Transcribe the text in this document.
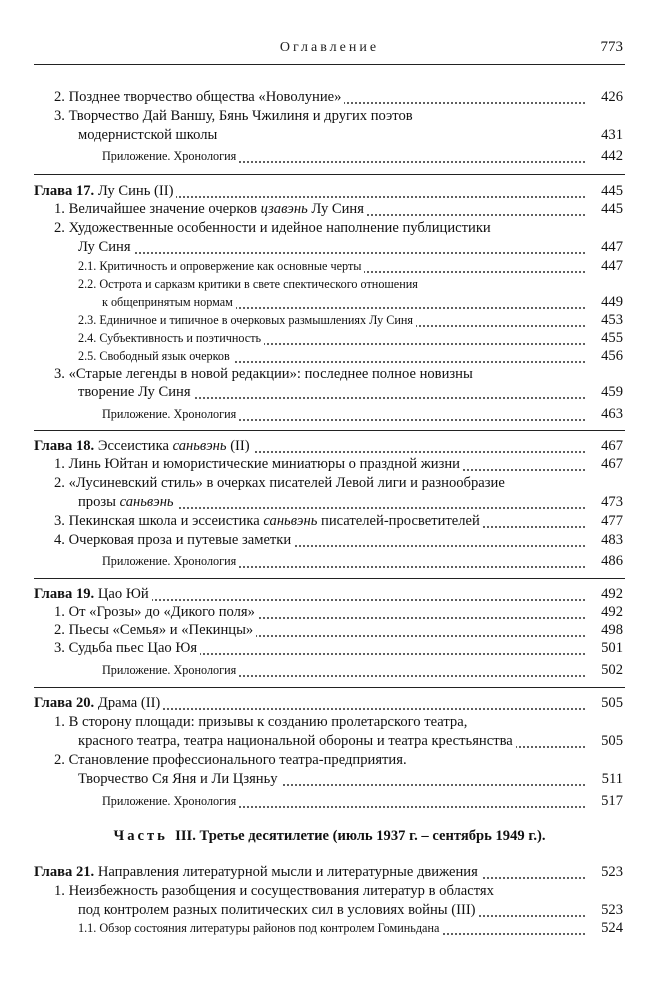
Оглавление	773
2. Позднее творчество общества «Новолуние»	426
3. Творчество Дай Ваншу, Бянь Чжилиня и других поэтов
модернистской школы	431
Приложение. Хронология	442
Глава 17. Лу Синь (II)	445
1. Величайшее значение очерков цзавэнь Лу Синя	445
2. Художественные особенности и идейное наполнение публицистики
Лу Синя	447
2.1. Критичность и опровержение как основные черты	447
2.2. Острота и сарказм критики в свете спектического отношения
к общепринятым нормам	449
2.3. Единичное и типичное в очерковых размышлениях Лу Синя	453
2.4. Субъективность и поэтичность	455
2.5. Свободный язык очерков	456
3. «Старые легенды в новой редакции»: последнее полное новизны
творение Лу Синя	459
Приложение. Хронология	463
Глава 18. Эссеистика саньвэнь (II)	467
1. Линь Юйтан и юмористические миниатюры о праздной жизни	467
2. «Лусиневский стиль» в очерках писателей Левой лиги и разнообразие
прозы саньвэнь	473
3. Пекинская школа и эссеистика саньвэнь писателей-просветителей	477
4. Очерковая проза и путевые заметки	483
Приложение. Хронология	486
Глава 19. Цао Юй	492
1. От «Грозы» до «Дикого поля»	492
2. Пьесы «Семья» и «Пекинцы»	498
3. Судьба пьес Цао Юя	501
Приложение. Хронология	502
Глава 20. Драма (II)	505
1. В сторону площади: призывы к созданию пролетарского театра,
красного театра, театра национальной обороны и театра крестьянства	505
2. Становление профессионального театра-предприятия.
Творчество Ся Яня и Ли Цзяньу	511
Приложение. Хронология	517
Часть III. Третье десятилетие (июль 1937 г. – сентябрь 1949 г.).
Глава 21. Направления литературной мысли и литературные движения	523
1. Неизбежность разобщения и сосуществования литератур в областях
под контролем разных политических сил в условиях войны (III)	523
1.1. Обзор состояния литературы районов под контролем Гоминьдана	524
